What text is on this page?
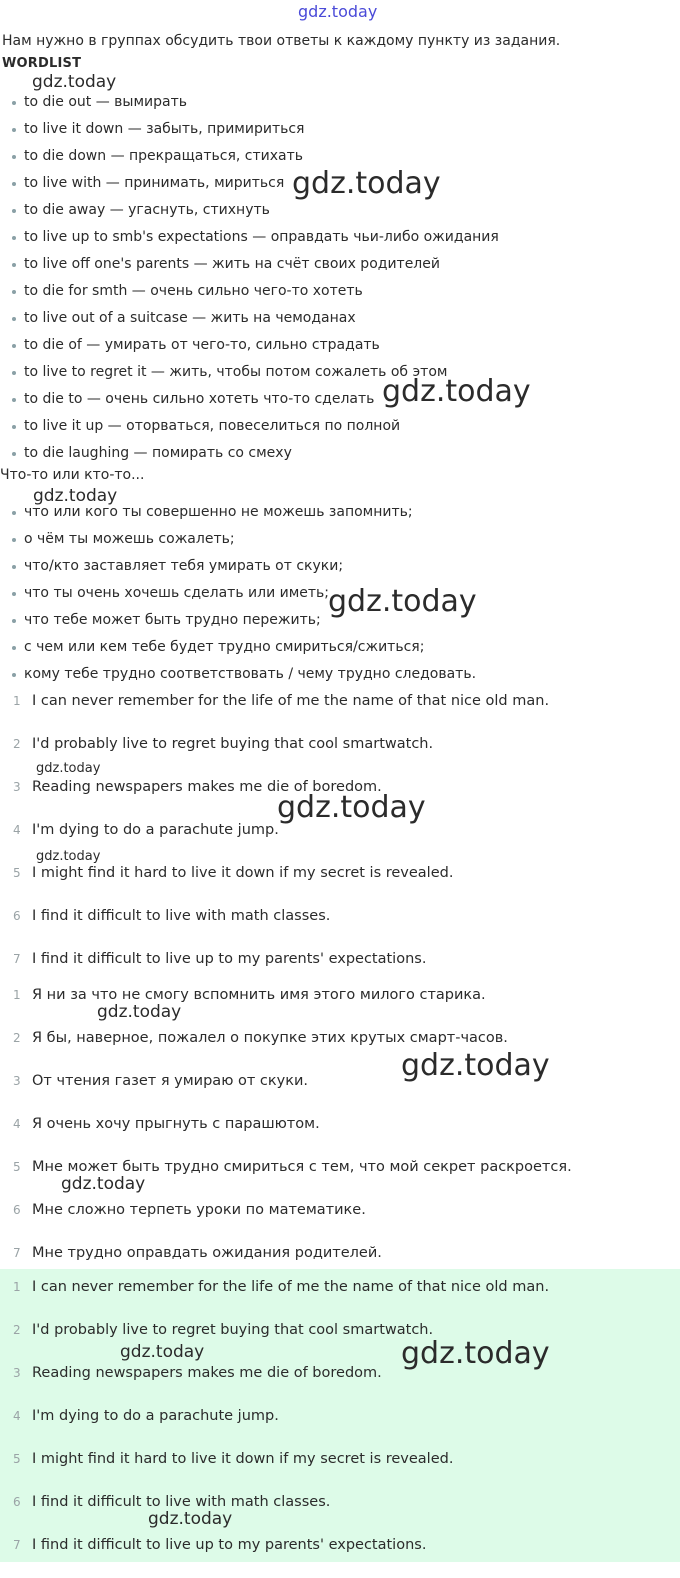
gdz.today
Нам нужно в группах обсудить твои ответы к каждому пункту из задания.
WORDLIST
to die out — вымирать
to live it down — забыть, примириться
to die down — прекращаться, стихать
to live with — принимать, мириться
to die away — угаснуть, стихнуть
to live up to smb's expectations — оправдать чьи-либо ожидания
to live off one's parents — жить на счёт своих родителей
to die for smth — очень сильно чего-то хотеть
to live out of a suitcase — жить на чемоданах
to die of — умирать от чего-то, сильно страдать
to live to regret it — жить, чтобы потом сожалеть об этом
to die to — очень сильно хотеть что-то сделать
to live it up — оторваться, повеселиться по полной
to die laughing — помирать со смеху
Что-то или кто-то...
что или кого ты совершенно не можешь запомнить;
о чём ты можешь сожалеть;
что/кто заставляет тебя умирать от скуки;
что ты очень хочешь сделать или иметь;
что тебе может быть трудно пережить;
с чем или кем тебе будет трудно смириться/сжиться;
кому тебе трудно соответствовать / чему трудно следовать.
1 I can never remember for the life of me the name of that nice old man.
2 I'd probably live to regret buying that cool smartwatch.
3 Reading newspapers makes me die of boredom.
4 I'm dying to do a parachute jump.
5 I might find it hard to live it down if my secret is revealed.
6 I find it difficult to live with math classes.
7 I find it difficult to live up to my parents' expectations.
1 Я ни за что не смогу вспомнить имя этого милого старика.
2 Я бы, наверное, пожалел о покупке этих крутых смарт-часов.
3 От чтения газет я умираю от скуки.
4 Я очень хочу прыгнуть с парашютом.
5 Мне может быть трудно смириться с тем, что мой секрет раскроется.
6 Мне сложно терпеть уроки по математике.
7 Мне трудно оправдать ожидания родителей.
1 I can never remember for the life of me the name of that nice old man.
2 I'd probably live to regret buying that cool smartwatch.
3 Reading newspapers makes me die of boredom.
4 I'm dying to do a parachute jump.
5 I might find it hard to live it down if my secret is revealed.
6 I find it difficult to live with math classes.
7 I find it difficult to live up to my parents' expectations.
gdz.today
gdz.today
gdz.today
gdz.today
gdz.today
gdz.today
gdz.today
gdz.today
gdz.today
gdz.today
gdz.today
gdz.today	gdz.today
gdz.today
